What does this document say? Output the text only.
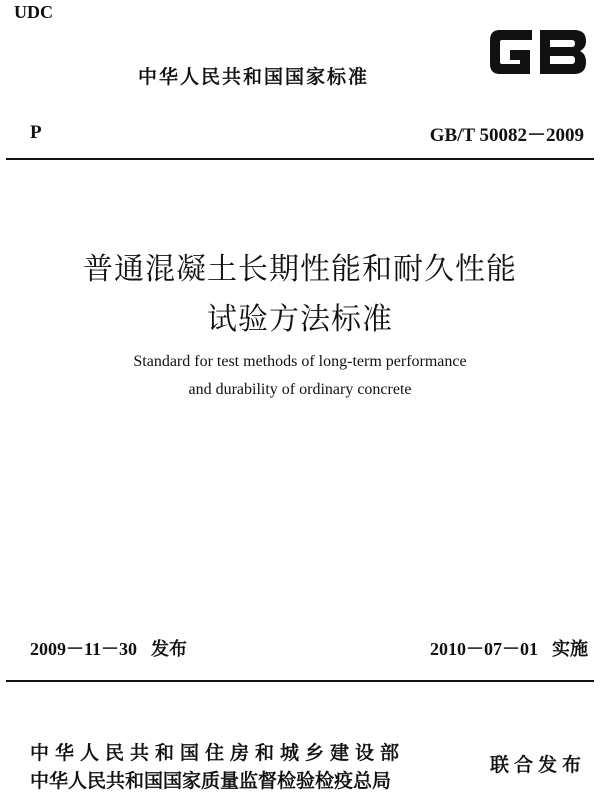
UDC
中华人民共和国国家标准
P	GB/T 50082－2009
普通混凝土长期性能和耐久性能
试验方法标准
Standard for test methods of long-term performance
and durability of ordinary concrete
2009－11－30 发布	2010－07－01 实施
中华人民共和国住房和城乡建设部
中华人民共和国国家质量监督检验检疫总局
联合发布
